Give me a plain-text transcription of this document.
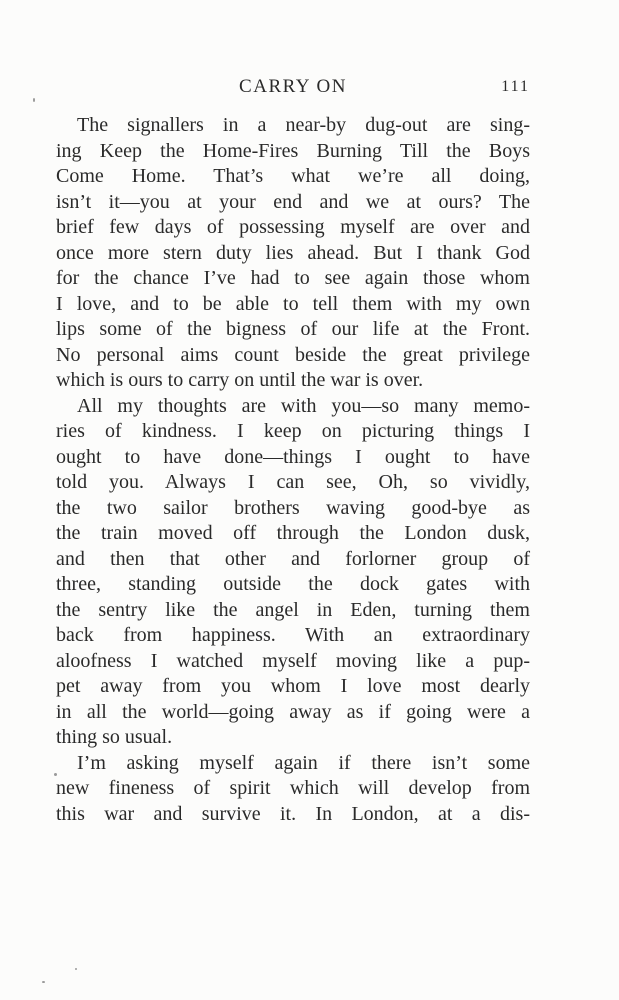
CARRY ON	111
The signallers in a near-by dug-out are sing-
ing Keep the Home-Fires Burning Till the Boys
Come Home. That’s what we’re all doing,
isn’t it—you at your end and we at ours? The
brief few days of possessing myself are over and
once more stern duty lies ahead. But I thank God
for the chance I’ve had to see again those whom
I love, and to be able to tell them with my own
lips some of the bigness of our life at the Front.
No personal aims count beside the great privilege
which is ours to carry on until the war is over.
All my thoughts are with you—so many memo-
ries of kindness. I keep on picturing things I
ought to have done—things I ought to have
told you. Always I can see, Oh, so vividly,
the two sailor brothers waving good-bye as
the train moved off through the London dusk,
and then that other and forlorner group of
three, standing outside the dock gates with
the sentry like the angel in Eden, turning them
back from happiness. With an extraordinary
aloofness I watched myself moving like a pup-
pet away from you whom I love most dearly
in all the world—going away as if going were a
thing so usual.
I’m asking myself again if there isn’t some
new fineness of spirit which will develop from
this war and survive it. In London, at a dis-
